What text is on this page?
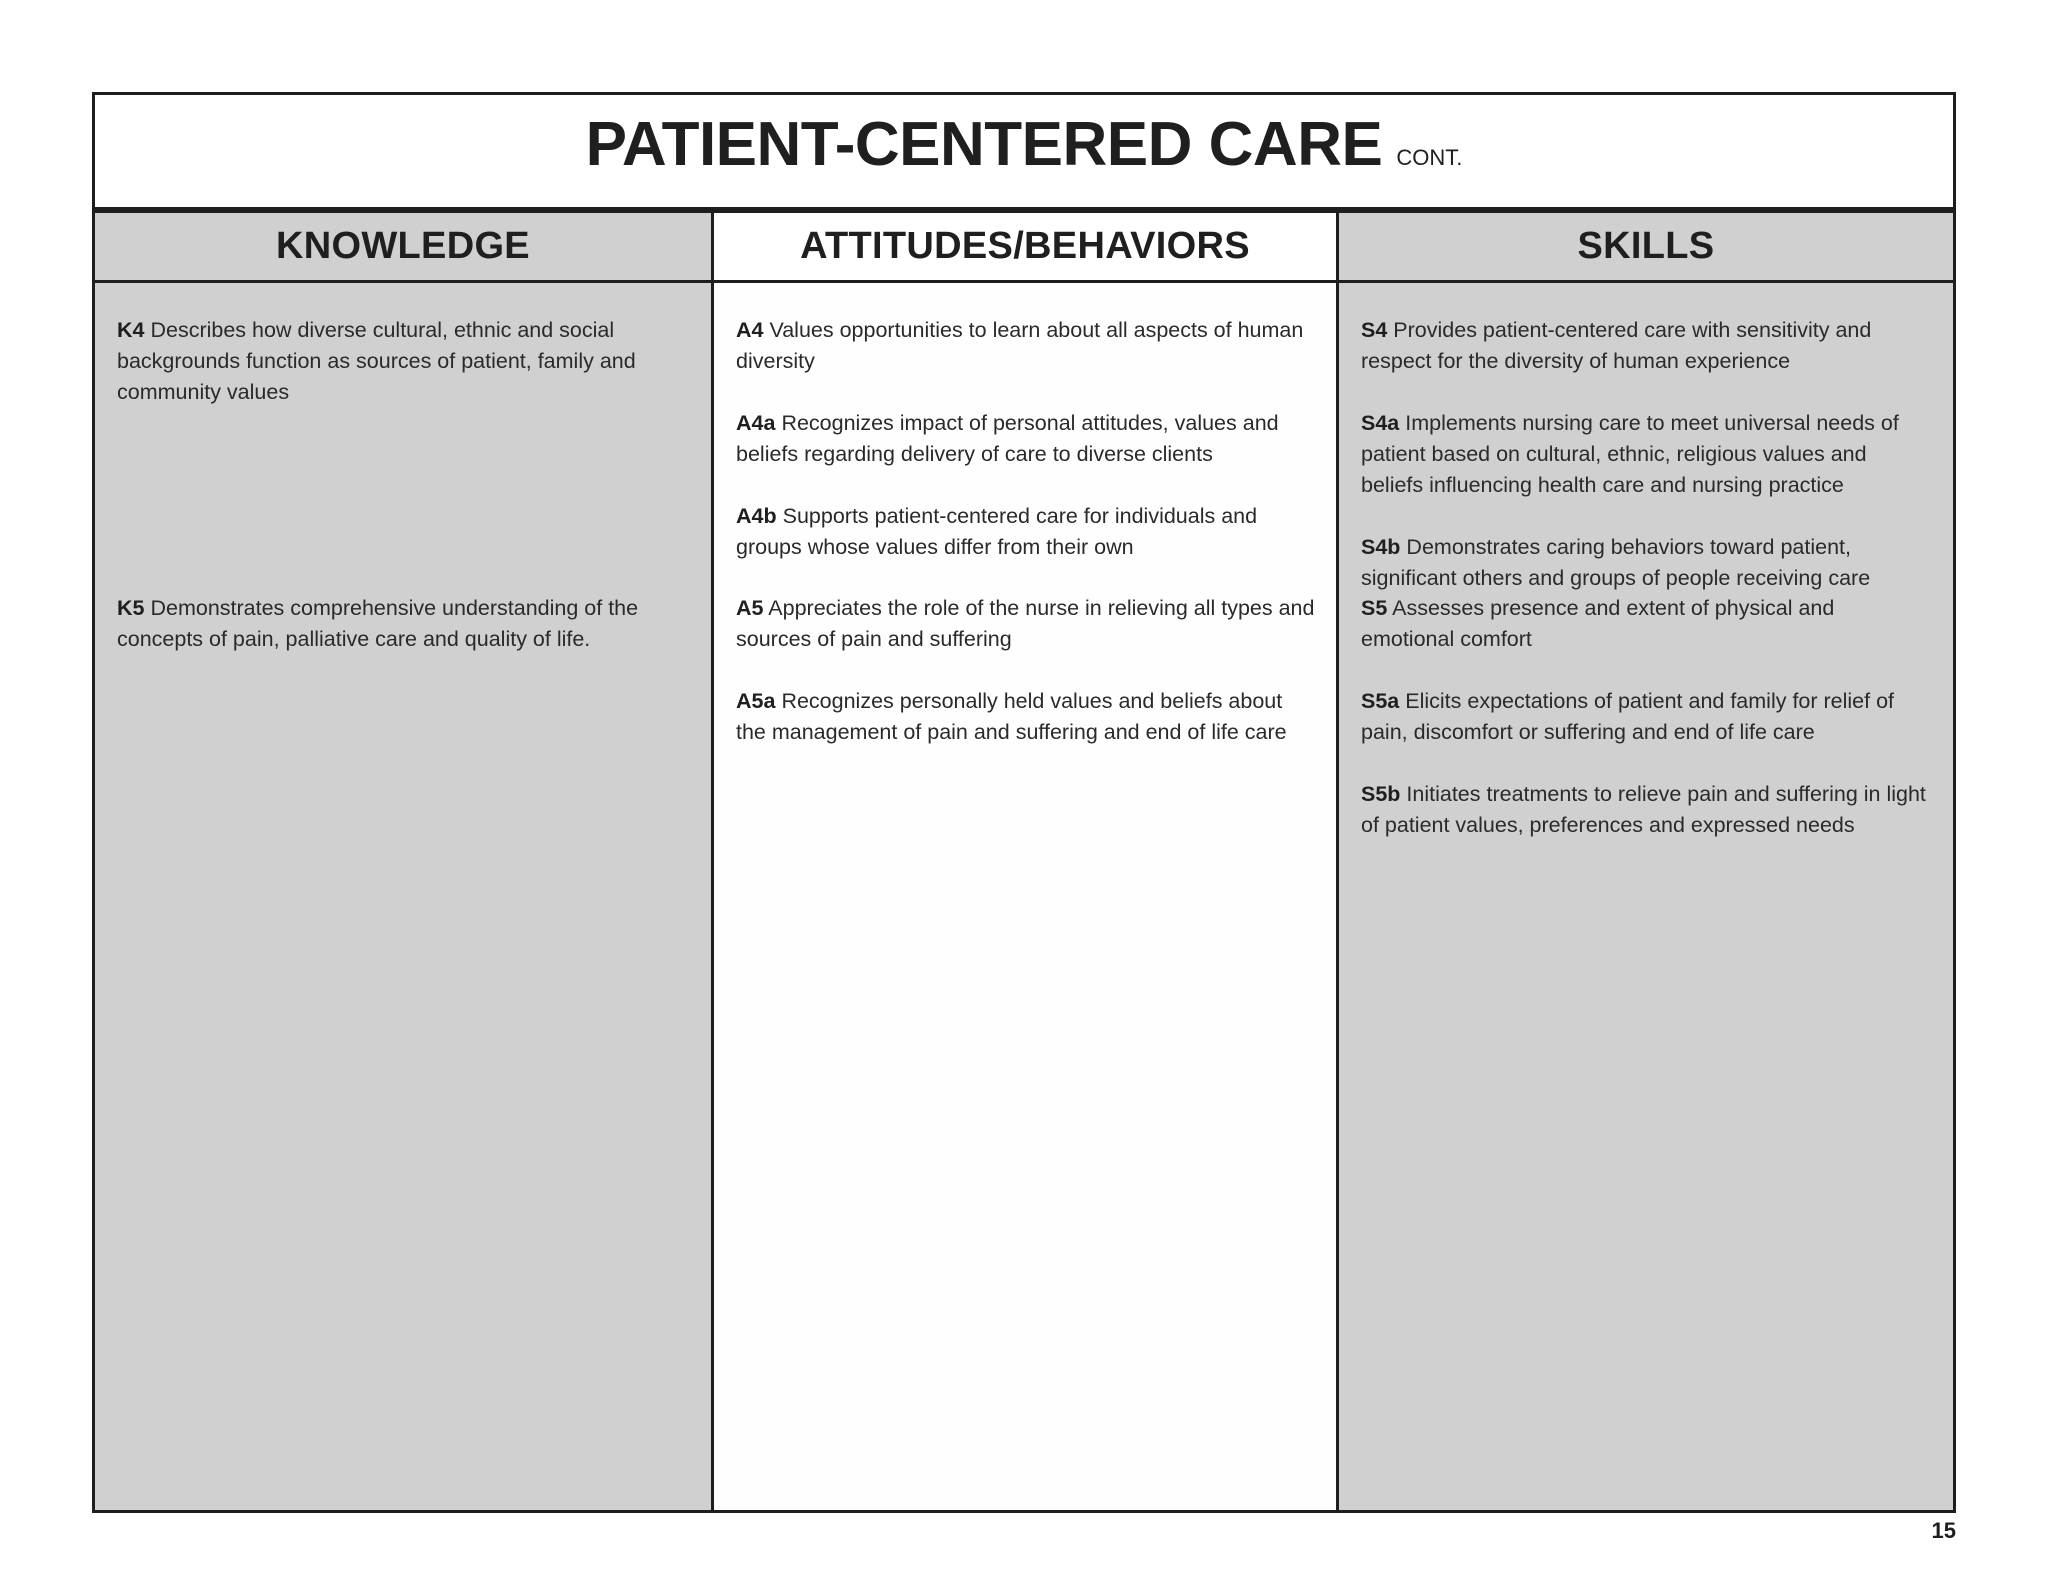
PATIENT-CENTERED CARE CONT.
KNOWLEDGE

K4 Describes how diverse cultural, ethnic and social backgrounds function as sources of patient, family and community values

K5 Demonstrates comprehensive understanding of the concepts of pain, palliative care and quality of life.

ATTITUDES/BEHAVIORS

A4 Values opportunities to learn about all aspects of human diversity

A4a Recognizes impact of personal attitudes, values and beliefs regarding delivery of care to diverse clients

A4b Supports patient-centered care for individuals and groups whose values differ from their own

A5 Appreciates the role of the nurse in relieving all types and sources of pain and suffering

A5a Recognizes personally held values and beliefs about the management of pain and suffering and end of life care

SKILLS

S4 Provides patient-centered care with sensitivity and respect for the diversity of human experience

S4a Implements nursing care to meet universal needs of patient based on cultural, ethnic, religious values and beliefs influencing health care and nursing practice

S4b Demonstrates caring behaviors toward patient, significant others and groups of people receiving care

S5 Assesses presence and extent of physical and emotional comfort

S5a Elicits expectations of patient and family for relief of pain, discomfort or suffering and end of life care

S5b Initiates treatments to relieve pain and suffering in light of patient values, preferences and expressed needs

15
